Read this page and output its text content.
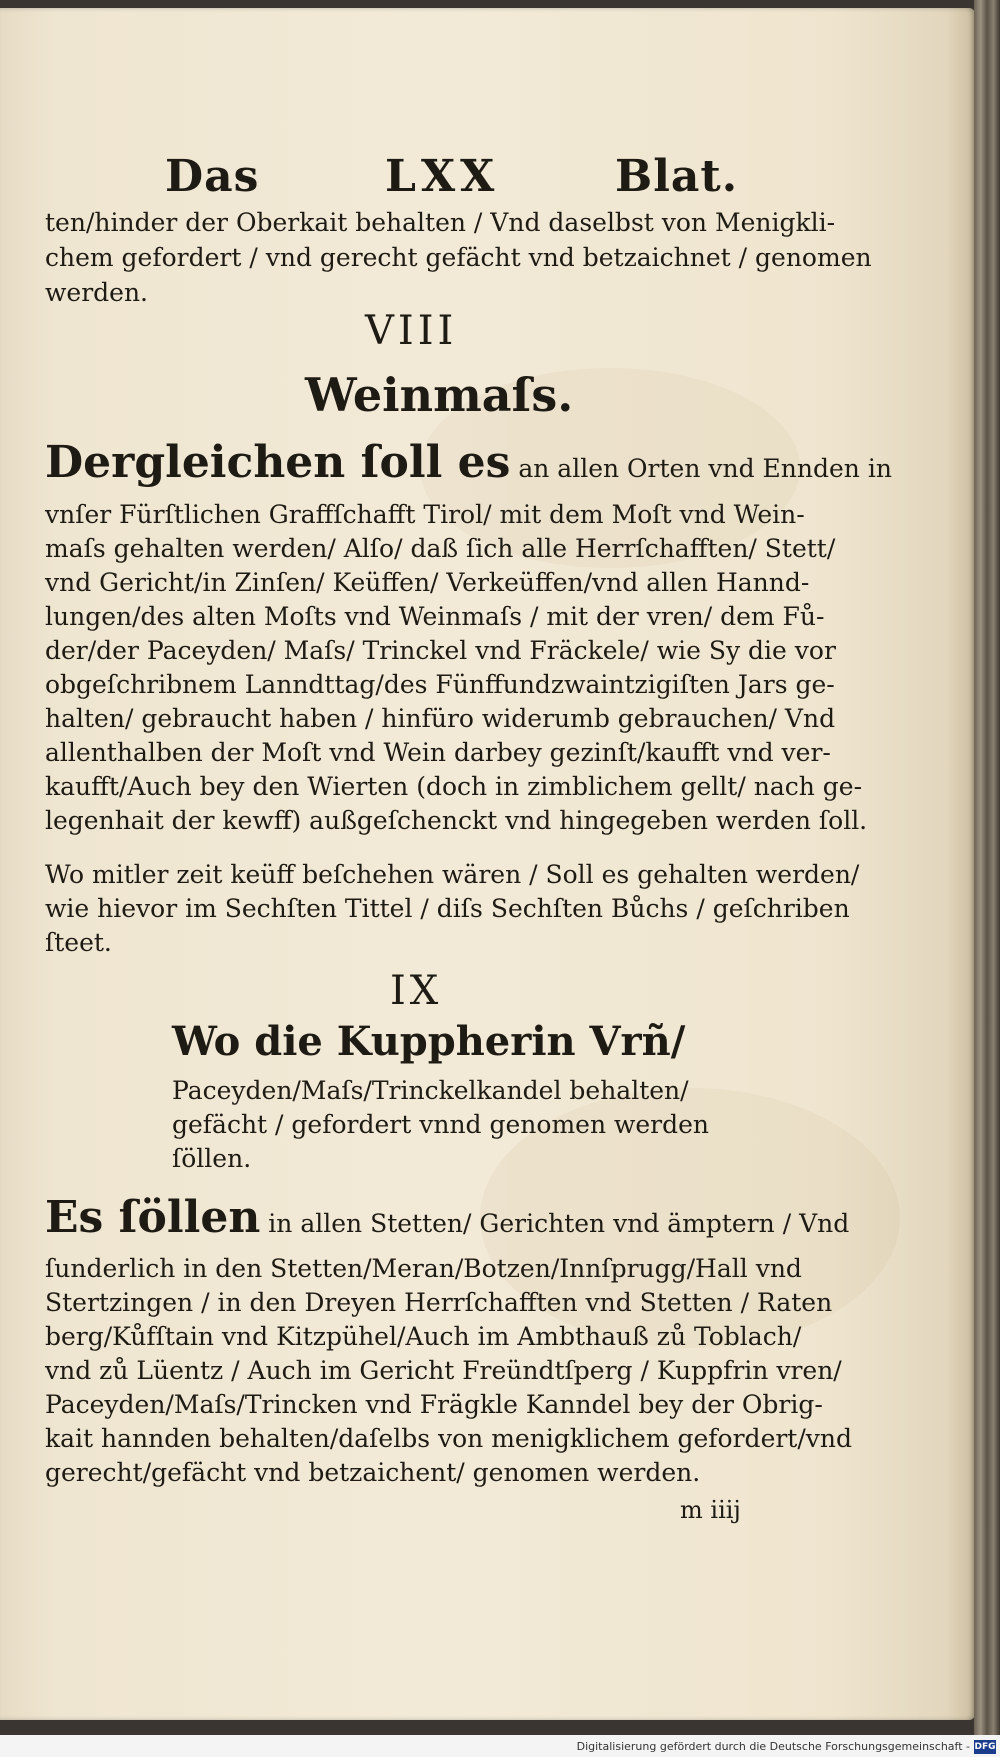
Das	LXX	Blat.
ten/hinder der Oberkait behalten / Vnd daselbst von Menigkli-
chem gefordert / vnd gerecht gefächt vnd betzaichnet / genomen
werden.
VIII
Weinmaſs.
Dergleichen ſoll es an allen Orten vnd Ennden in
vnſer Fürſtlichen Graffſchafft Tirol/ mit dem Moſt vnd Wein-
maſs gehalten werden/ Alſo/ daß ſich alle Herrſchafften/ Stett/
vnd Gericht/in Zinſen/ Keüffen/ Verkeüffen/vnd allen Hannd-
lungen/des alten Moſts vnd Weinmaſs / mit der vren/ dem Fů-
der/der Paceyden/ Maſs/ Trinckel vnd Fräckele/ wie Sy die vor
obgeſchribnem Lanndttag/des Fünffundzwaintzigiſten Jars ge-
halten/ gebraucht haben / hinfüro widerumb gebrauchen/ Vnd
allenthalben der Moſt vnd Wein darbey gezinſt/kaufft vnd ver-
kaufft/Auch bey den Wierten (doch in zimblichem gellt/ nach ge-
legenhait der kewff) außgeſchenckt vnd hingegeben werden ſoll.
Wo mitler zeit keüff beſchehen wären / Soll es gehalten werden/
wie hievor im Sechſten Tittel / diſs Sechſten Bůchs / geſchriben
ſteet.
IX
Wo die Kuppherin Vrñ/
Paceyden/Maſs/Trinckelkandel behalten/
gefächt / gefordert vnnd genomen werden
ſöllen.
Es ſöllen in allen Stetten/ Gerichten vnd ämptern / Vnd
ſunderlich in den Stetten/Meran/Botzen/Innſprugg/Hall vnd
Stertzingen / in den Dreyen Herrſchafften vnd Stetten / Raten
berg/Kůfſtain vnd Kitzpühel/Auch im Ambthauß zů Toblach/
vnd zů Lüentz / Auch im Gericht Freündtſperg / Kuppfrin vren/
Paceyden/Maſs/Trincken vnd Frägkle Kanndel bey der Obrig-
kait hannden behalten/daſelbs von menigklichem gefordert/vnd
gerecht/gefächt vnd betzaichent/ genomen werden.
m iiij
Digitalisierung gefördert durch die Deutsche Forschungsgemeinschaft - DFG
